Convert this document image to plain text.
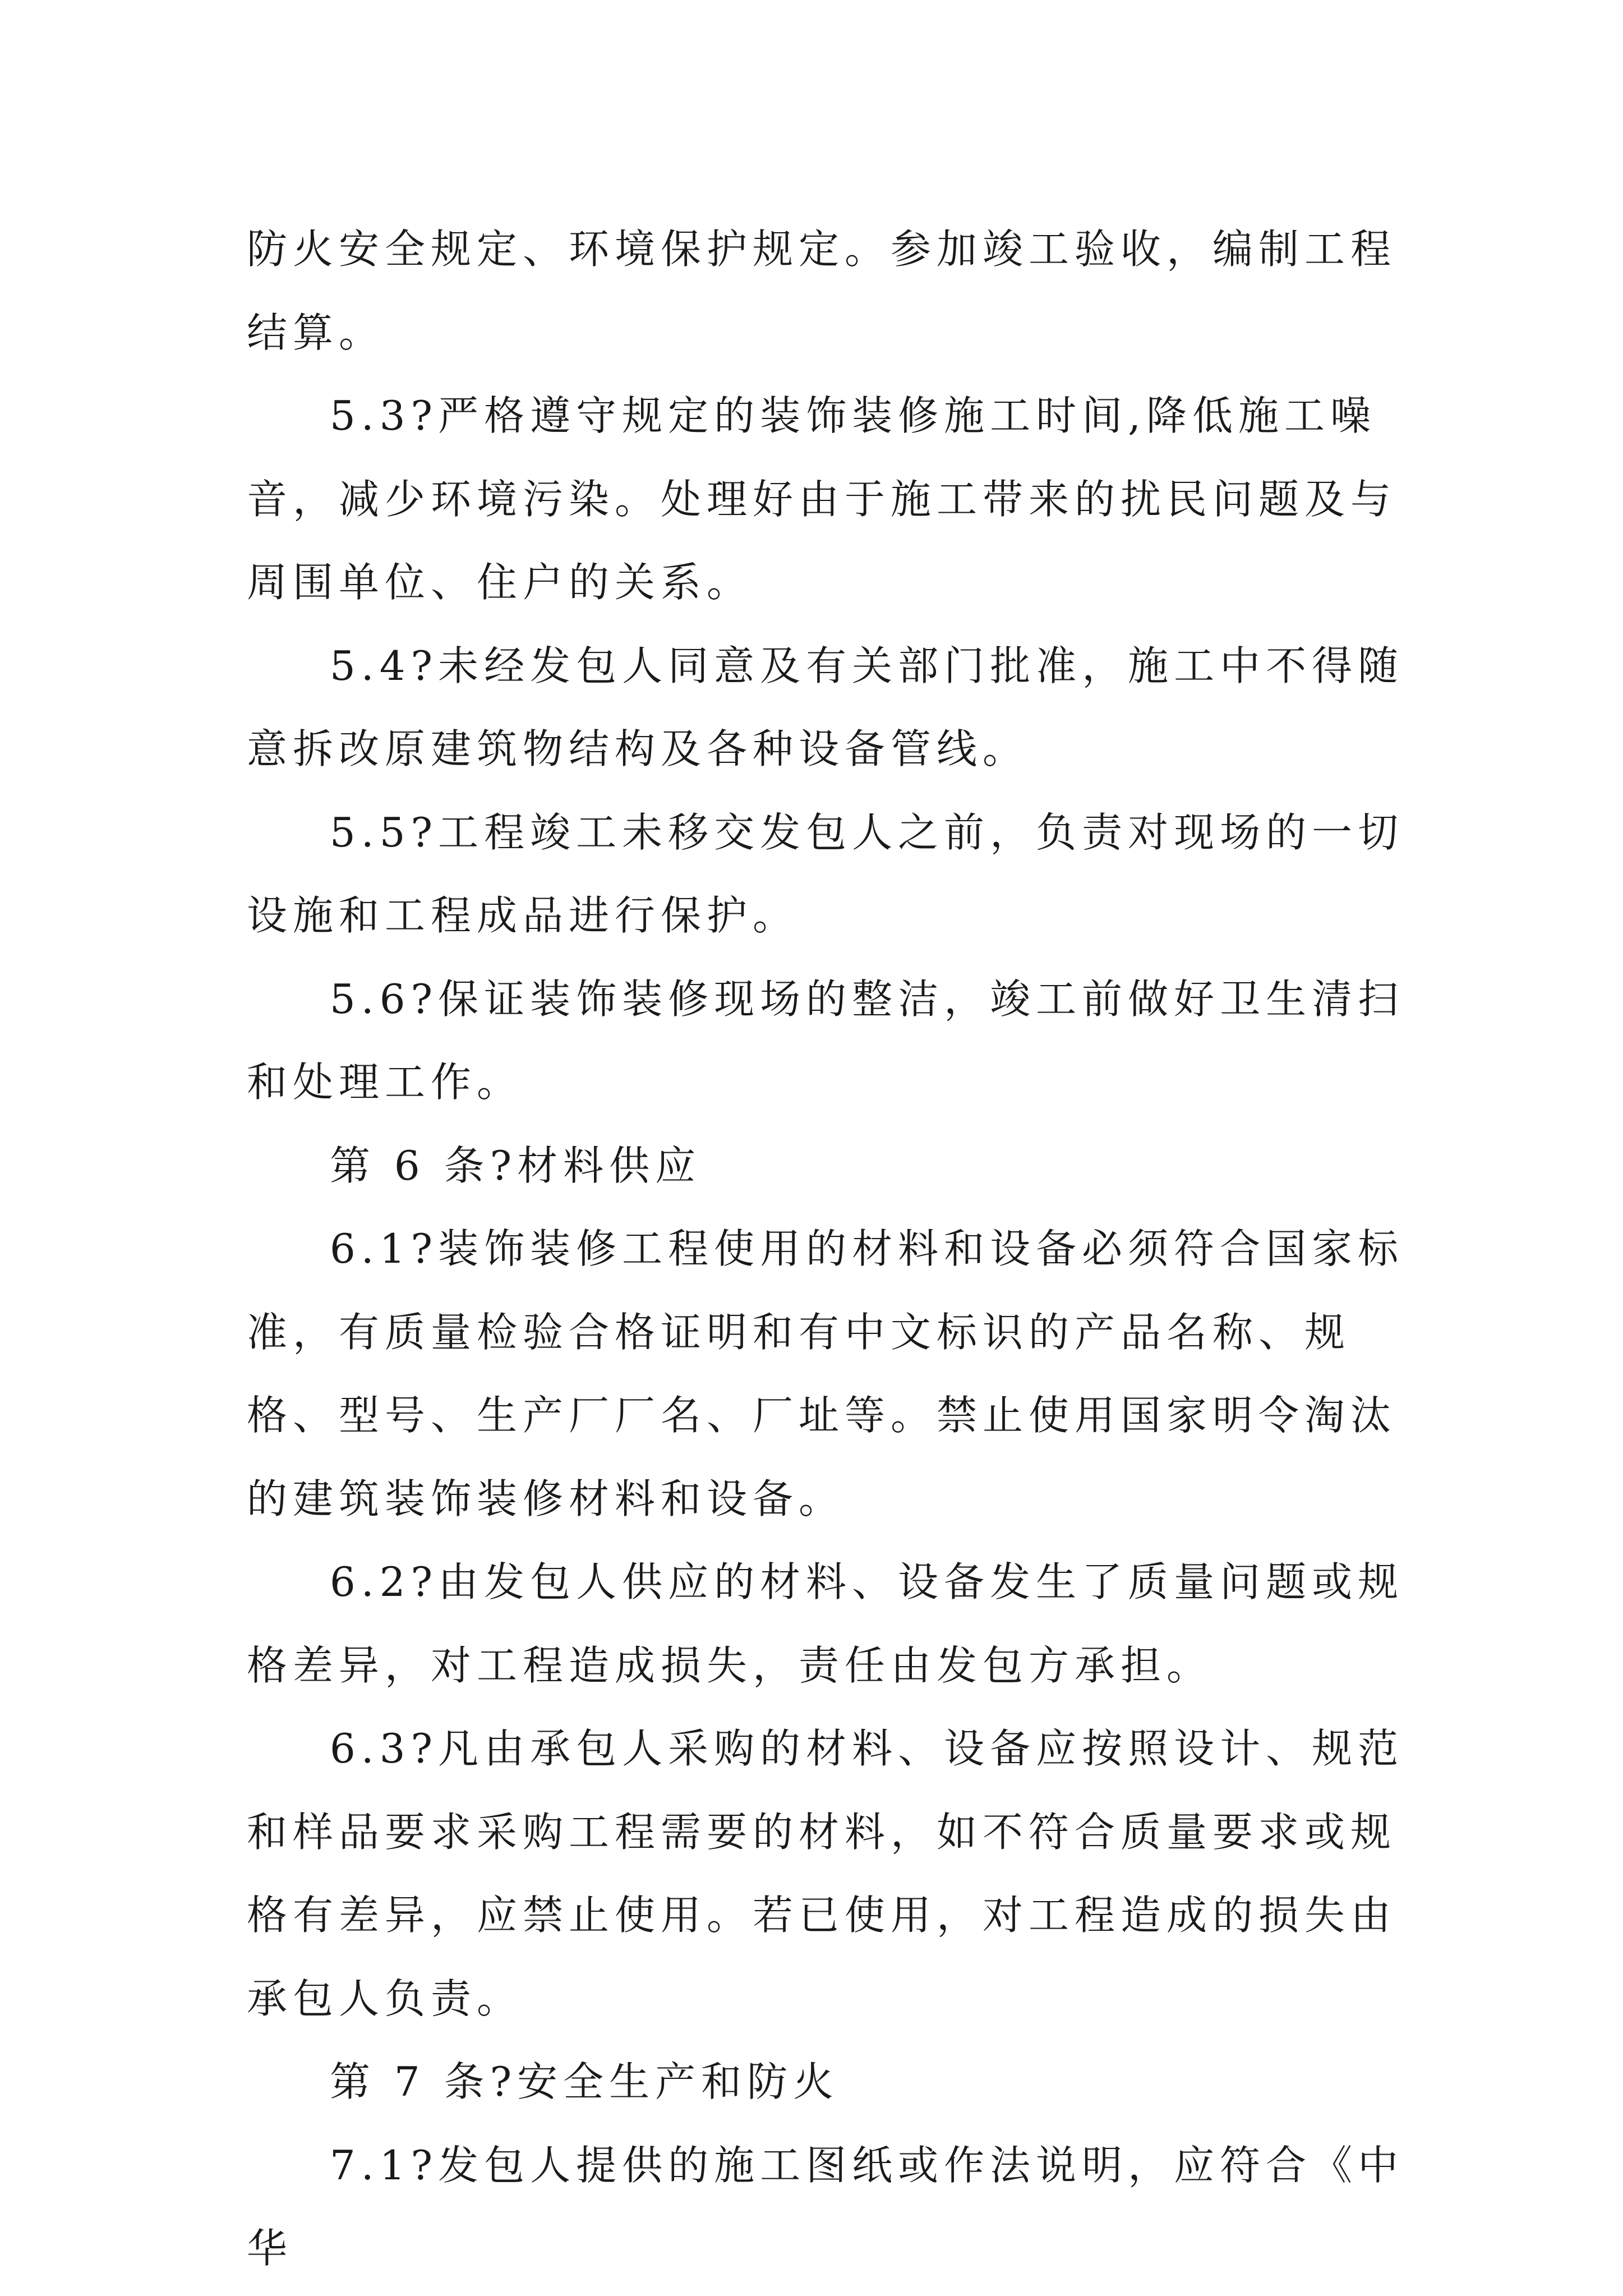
防火安全规定、环境保护规定。参加竣工验收，编制工程结算。

5.3?严格遵守规定的装饰装修施工时间,降低施工噪音，减少环境污染。处理好由于施工带来的扰民问题及与周围单位、住户的关系。

5.4?未经发包人同意及有关部门批准，施工中不得随意拆改原建筑物结构及各种设备管线。

5.5?工程竣工未移交发包人之前，负责对现场的一切设施和工程成品进行保护。

5.6?保证装饰装修现场的整洁，竣工前做好卫生清扫和处理工作。

第 6 条?材料供应

6.1?装饰装修工程使用的材料和设备必须符合国家标准，有质量检验合格证明和有中文标识的产品名称、规格、型号、生产厂厂名、厂址等。禁止使用国家明令淘汰的建筑装饰装修材料和设备。

6.2?由发包人供应的材料、设备发生了质量问题或规格差异，对工程造成损失，责任由发包方承担。

6.3?凡由承包人采购的材料、设备应按照设计、规范和样品要求采购工程需要的材料，如不符合质量要求或规格有差异，应禁止使用。若已使用，对工程造成的损失由承包人负责。

第 7 条?安全生产和防火

7.1?发包人提供的施工图纸或作法说明，应符合《中华
